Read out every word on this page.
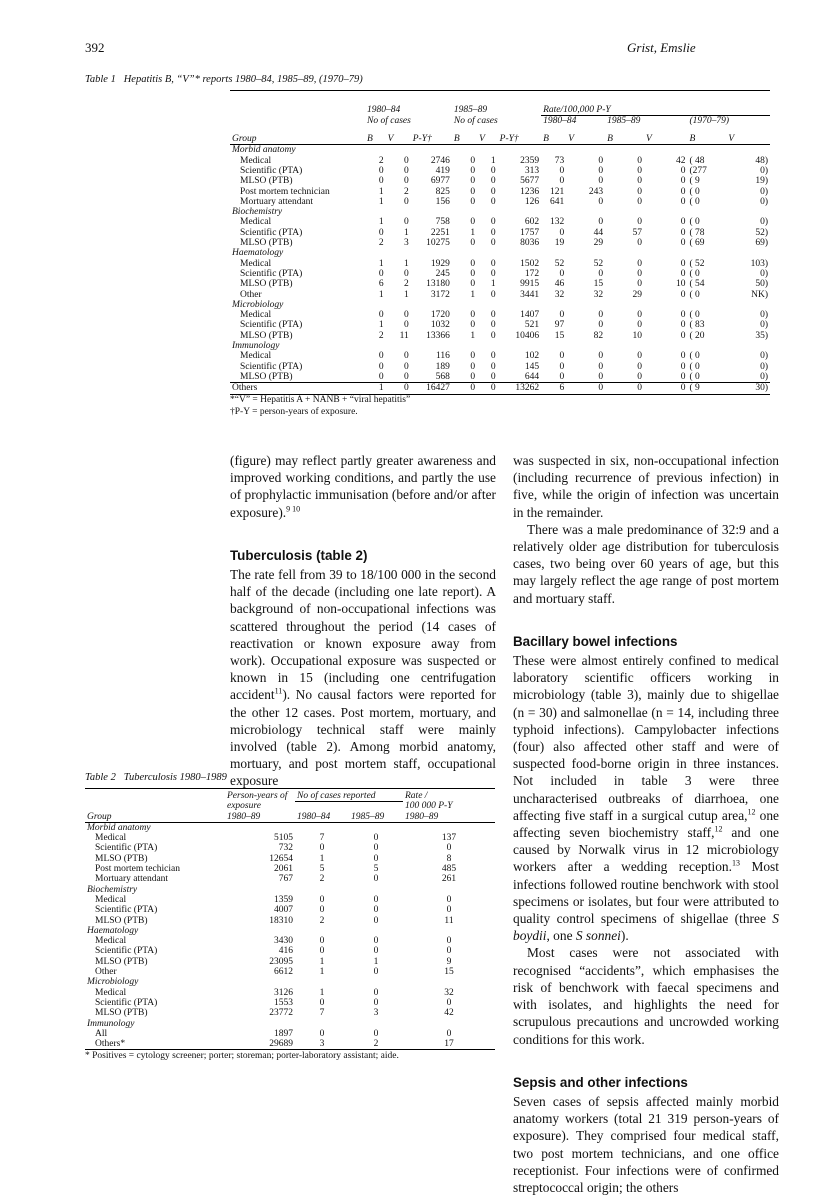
392	Grist, Emslie
Table 1 Hepatitis B, “V”* reports 1980–84, 1985–89, (1970–79)
	1980–84			1985–89			Rate/100,000 P-Y					
	No of cases			No of cases			1980–84		1985–89		(1970–79)	
Group	B	V	P-Y†	B	V	P-Y†	B	V	B	V	B	V
Morbid anatomy												
Medical	2	0	2746	0	1	2359	73	0	0	42	( 48	48)
Scientific (PTA)	0	0	419	0	0	313	0	0	0	0	(277	0)
MLSO (PTB)	0	0	6977	0	0	5677	0	0	0	0	( 9	19)
Post mortem technician	1	2	825	0	0	1236	121	243	0	0	( 0	0)
Mortuary attendant	1	0	156	0	0	126	641	0	0	0	( 0	0)
Biochemistry												
Medical	1	0	758	0	0	602	132	0	0	0	( 0	0)
Scientific (PTA)	0	1	2251	1	0	1757	0	44	57	0	( 78	52)
MLSO (PTB)	2	3	10275	0	0	8036	19	29	0	0	( 69	69)
Haematology												
Medical	1	1	1929	0	0	1502	52	52	0	0	( 52	103)
Scientific (PTA)	0	0	245	0	0	172	0	0	0	0	( 0	0)
MLSO (PTB)	6	2	13180	0	1	9915	46	15	0	10	( 54	50)
Other	1	1	3172	1	0	3441	32	32	29	0	( 0	NK)
Microbiology												
Medical	0	0	1720	0	0	1407	0	0	0	0	( 0	0)
Scientific (PTA)	1	0	1032	0	0	521	97	0	0	0	( 83	0)
MLSO (PTB)	2	11	13366	1	0	10406	15	82	10	0	( 20	35)
Immunology												
Medical	0	0	116	0	0	102	0	0	0	0	( 0	0)
Scientific (PTA)	0	0	189	0	0	145	0	0	0	0	( 0	0)
MLSO (PTB)	0	0	568	0	0	644	0	0	0	0	( 0	0)
Others	1	0	16427	0	0	13262	6	0	0	0	( 9	30)
*“V” = Hepatitis A + NANB + “viral hepatitis”
†P-Y = person-years of exposure.

(figure) may reflect partly greater awareness and improved working conditions, and partly the use of prophylactic immunisation (before and/or after exposure).$^{9 10}$

Tuberculosis (table 2)

The rate fell from 39 to 18/100 000 in the second half of the decade (including one late report). A background of non-occupational infections was scattered throughout the period (14 cases of reactivation or known exposure away from work). Occupational exposure was suspected or known in 15 (including one centrifugation accident$^{11}$). No causal factors were reported for the other 12 cases. Post mortem, mortuary, and microbiology technical staff were mainly involved (table 2). Among morbid anatomy, mortuary, and post mortem staff, occupational exposure

Table 2 Tuberculosis 1980–1989
	Person-years of	No of cases reported		Rate /
	exposure			100 000 P-Y
Group	1980–89	1980–84	1985–89	1980–89
Morbid anatomy				
Medical	5105	7	0	137
Scientific (PTA)	732	0	0	0
MLSO (PTB)	12654	1	0	8
Post mortem techician	2061	5	5	485
Mortuary attendant	767	2	0	261
Biochemistry				
Medical	1359	0	0	0
Scientific (PTA)	4007	0	0	0
MLSO (PTB)	18310	2	0	11
Haematology				
Medical	3430	0	0	0
Scientific (PTA)	416	0	0	0
MLSO (PTB)	23095	1	1	9
Other	6612	1	0	15
Microbiology				
Medical	3126	1	0	32
Scientific (PTA)	1553	0	0	0
MLSO (PTB)	23772	7	3	42
Immunology				
All	1897	0	0	0
Others*	29689	3	2	17
* Positives = cytology screener; porter; storeman; porter-laboratory assistant; aide.

was suspected in six, non-occupational infection (including recurrence of previous infection) in five, while the origin of infection was uncertain in the remainder.

There was a male predominance of 32:9 and a relatively older age distribution for tuberculosis cases, two being over 60 years of age, but this may largely reflect the age range of post mortem and mortuary staff.

Bacillary bowel infections

These were almost entirely confined to medical laboratory scientific officers working in microbiology (table 3), mainly due to shigellae (n = 30) and salmonellae (n = 14, including three typhoid infections). Campylobacter infections (four) also affected other staff and were of suspected food-borne origin in three instances. Not included in table 3 were three uncharacterised outbreaks of diarrhoea, one affecting five staff in a surgical cutup area,$^{12}$ one affecting seven biochemistry staff,$^{12}$ and one caused by Norwalk virus in 12 microbiology workers after a wedding reception.$^{13}$ Most infections followed routine benchwork with stool specimens or isolates, but four were attributed to quality control specimens of shigellae (three S boydii, one S sonnei).

Most cases were not associated with recognised “accidents”, which emphasises the risk of benchwork with faecal specimens and with isolates, and highlights the need for scrupulous precautions and uncrowded working conditions for this work.

Sepsis and other infections

Seven cases of sepsis affected mainly morbid anatomy workers (total 21 319 person-years of exposure). They comprised four medical staff, two post mortem technicians, and one office receptionist. Four infections were of confirmed streptococcal origin; the others
